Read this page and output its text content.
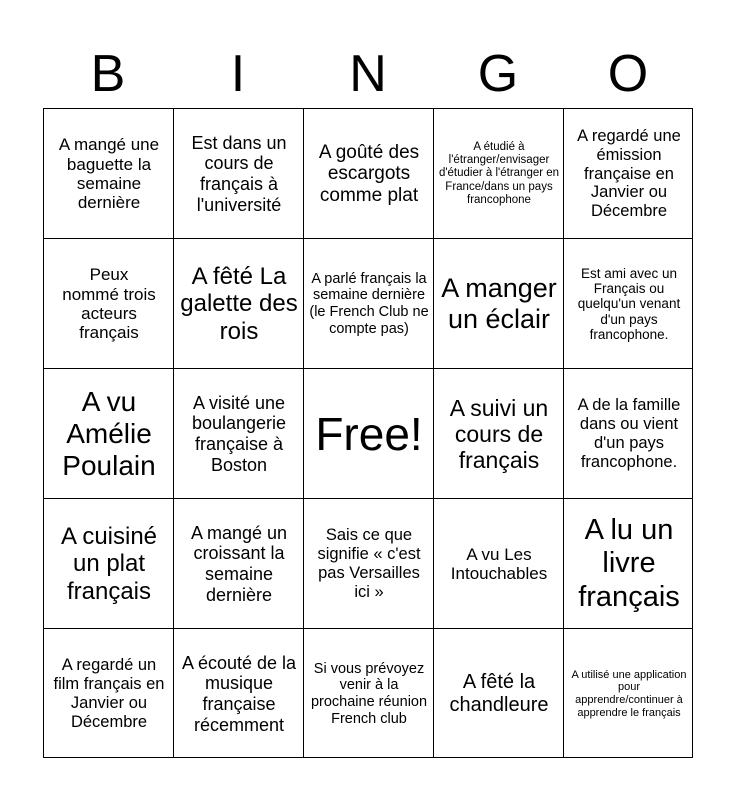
B	I	N	G	O
A mangé une baguette la semaine dernière
Est dans un cours de français à l'université
A goûté des escargots comme plat
A étudié à l'étranger/envisager d'étudier à l'étranger en France/dans un pays francophone
A regardé une émission française en Janvier ou Décembre
Peux nommé trois acteurs français
A fêté La galette des rois
A parlé français la semaine dernière (le French Club ne compte pas)
A manger un éclair
Est ami avec un Français ou quelqu'un venant d'un pays francophone.
A vu Amélie Poulain
A visité une boulangerie française à Boston
Free!
A suivi un cours de français
A de la famille dans ou vient d'un pays francophone.
A cuisiné un plat français
A mangé un croissant la semaine dernière
Sais ce que signifie « c'est pas Versailles ici »
A vu Les Intouchables
A lu un livre français
A regardé un film français en Janvier ou Décembre
A écouté de la musique française récemment
Si vous prévoyez venir à la prochaine réunion French club
A fêté la chandleure
A utilisé une application pour apprendre/continuer à apprendre le français
